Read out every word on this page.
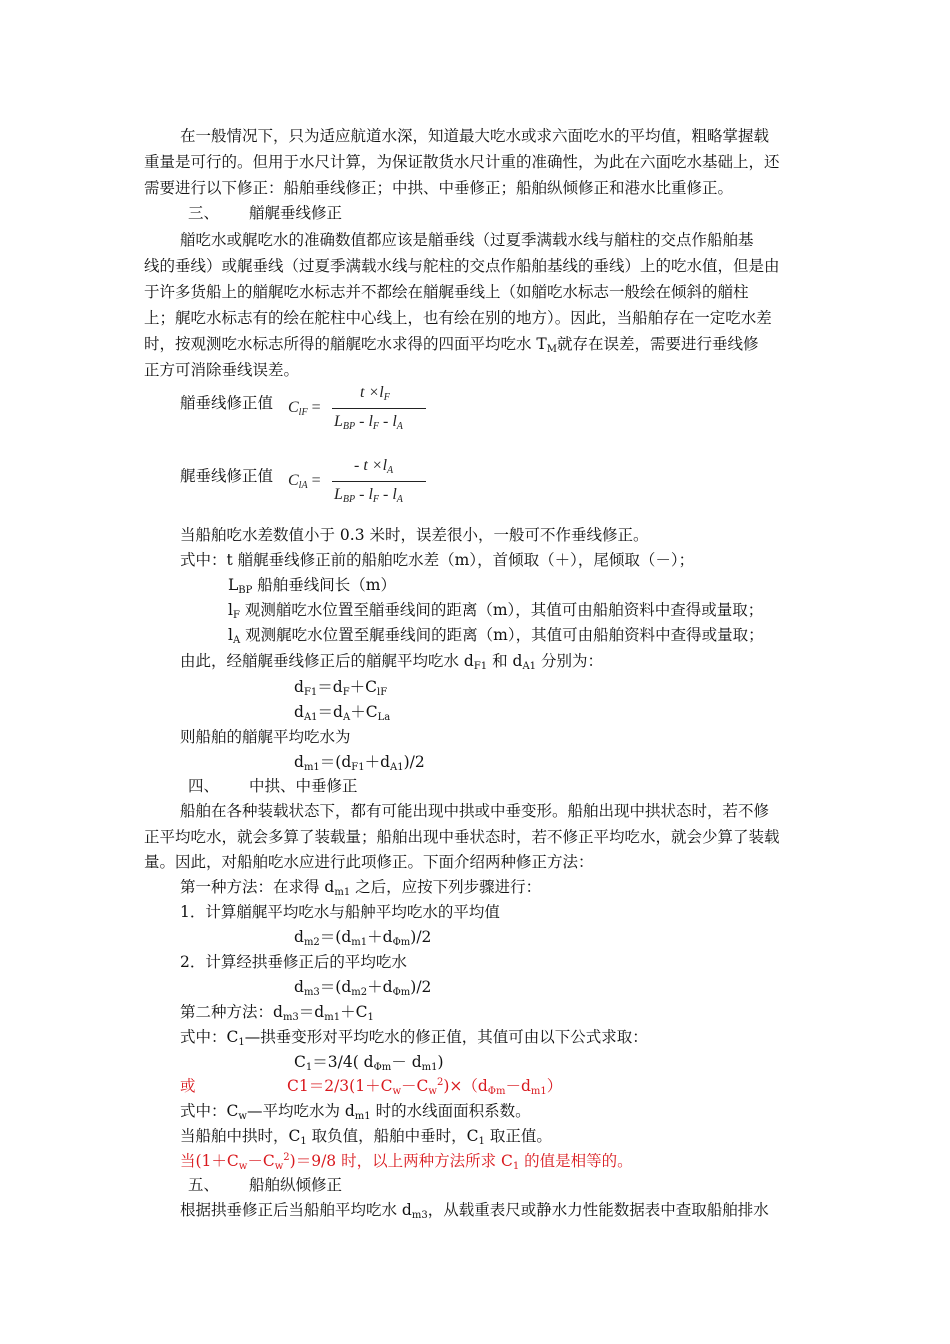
在一般情况下，只为适应航道水深，知道最大吃水或求六面吃水的平均值，粗略掌握载
重量是可行的。但用于水尺计算，为保证散货水尺计重的准确性，为此在六面吃水基础上，还
需要进行以下修正：船舶垂线修正；中拱、中垂修正；船舶纵倾修正和港水比重修正。
三、 艏艉垂线修正
艏吃水或艉吃水的准确数值都应该是艏垂线（过夏季满载水线与艏柱的交点作船舶基
线的垂线）或艉垂线（过夏季满载水线与舵柱的交点作船舶基线的垂线）上的吃水值，但是由
于许多货船上的艏艉吃水标志并不都绘在艏艉垂线上（如艏吃水标志一般绘在倾斜的艏柱
上；艉吃水标志有的绘在舵柱中心线上，也有绘在别的地方）。因此，当船舶存在一定吃水差
时，按观测吃水标志所得的艏艉吃水求得的四面平均吃水 $T_M$就存在误差，需要进行垂线修
正方可消除垂线误差。
艏垂线修正值 $C_{lF}$ =
$t \times l_F$
$L_{BP} - l_F - l_A$
艉垂线修正值 $C_{lA}$ =
- $t \times l_A$
$L_{BP} - l_F - l_A$
当船舶吃水差数值小于 0.3 米时，误差很小，一般可不作垂线修正。
式中：t 艏艉垂线修正前的船舶吃水差（m），首倾取（＋），尾倾取（－）；
$L_{BP}$ 船舶垂线间长（m）
$l_F$ 观测艏吃水位置至艏垂线间的距离（m），其值可由船舶资料中查得或量取；
$l_A$ 观测艉吃水位置至艉垂线间的距离（m），其值可由船舶资料中查得或量取；
由此，经艏艉垂线修正后的艏艉平均吃水 $d_{F1}$ 和 $d_{A1}$ 分别为：
$d_{F1}=d_F+C_{lF}$
$d_{A1}=d_A+C_{La}$
则船舶的艏艉平均吃水为
$d_{m1}=(d_{F1}+d_{A1})/2$
四、 中拱、中垂修正
船舶在各种装载状态下，都有可能出现中拱或中垂变形。船舶出现中拱状态时，若不修
正平均吃水，就会多算了装载量；船舶出现中垂状态时，若不修正平均吃水，就会少算了装载
量。因此，对船舶吃水应进行此项修正。下面介绍两种修正方法：
第一种方法：在求得 $d_{m1}$ 之后，应按下列步骤进行：
1．计算艏艉平均吃水与船舯平均吃水的平均值
$d_{m2}=(d_{m1}+d_{\Phi m})/2$
2．计算经拱垂修正后的平均吃水
$d_{m3}=(d_{m2}+d_{\Phi m})/2$
第二种方法：$d_{m3}=d_{m1}+C_1$
式中：$C_1—$拱垂变形对平均吃水的修正值，其值可由以下公式求取：
$C_1=3/4$( $d_{\Phi m}- d_{m1}$)
或	$C1=2/3(1+C_w-C_w^2)\times(d_{\Phi m}-d_{m1})$
式中：$C_w—$平均吃水为 $d_{m1}$ 时的水线面面积系数。
当船舶中拱时，$C_1$ 取负值，船舶中垂时，$C_1$ 取正值。
当$(1+C_w-C_w^2)=9/8$ 时，以上两种方法所求 $C_1$ 的值是相等的。
五、 船舶纵倾修正
根据拱垂修正后当船舶平均吃水 $d_{m3}$，从载重表尺或静水力性能数据表中查取船舶排水
